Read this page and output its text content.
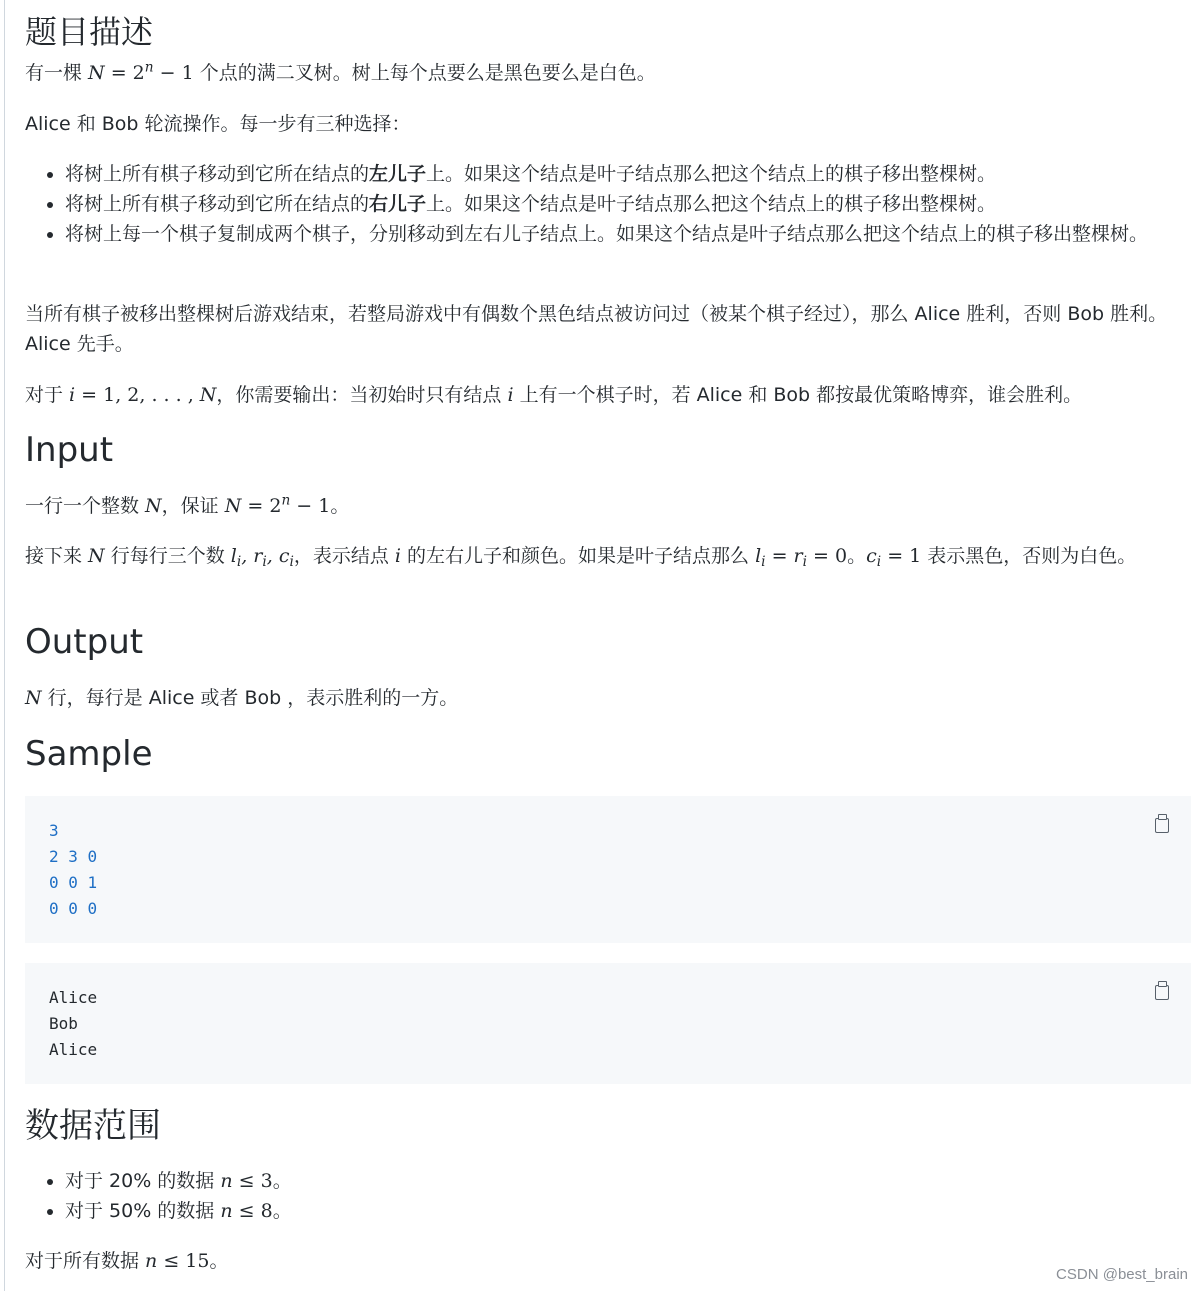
题目描述

有一棵 $N = 2^n - 1$ 个点的满二叉树。树上每个点要么是黑色要么是白色。

Alice 和 Bob 轮流操作。每一步有三种选择：

• 将树上所有棋子移动到它所在结点的左儿子上。如果这个结点是叶子结点那么把这个结点上的棋子移出整棵树。
• 将树上所有棋子移动到它所在结点的右儿子上。如果这个结点是叶子结点那么把这个结点上的棋子移出整棵树。
• 将树上每一个棋子复制成两个棋子，分别移动到左右儿子结点上。如果这个结点是叶子结点那么把这个结点上的棋子移出整棵树。

当所有棋子被移出整棵树后游戏结束，若整局游戏中有偶数个黑色结点被访问过（被某个棋子经过），那么 Alice 胜利，否则 Bob 胜利。Alice 先手。

对于 i = 1, 2, . . . , N，你需要输出：当初始时只有结点 i 上有一个棋子时，若 Alice 和 Bob 都按最优策略博弈，谁会胜利。

Input

一行一个整数 N，保证 $N = 2^n - 1$。

接下来 N 行每行三个数 $l_i$, $r_i$, $c_i$，表示结点 i 的左右儿子和颜色。如果是叶子结点那么 $l_i = r_i = 0$。$c_i = 1$ 表示黑色，否则为白色。

Output

N 行，每行是 Alice 或者 Bob ，表示胜利的一方。

Sample
3
2 3 0
0 0 1
0 0 0
Alice
Bob
Alice
数据范围
• 对于 20% 的数据 n ≤ 3。
• 对于 50% 的数据 n ≤ 8。

对于所有数据 n ≤ 15。

CSDN @best_brain
